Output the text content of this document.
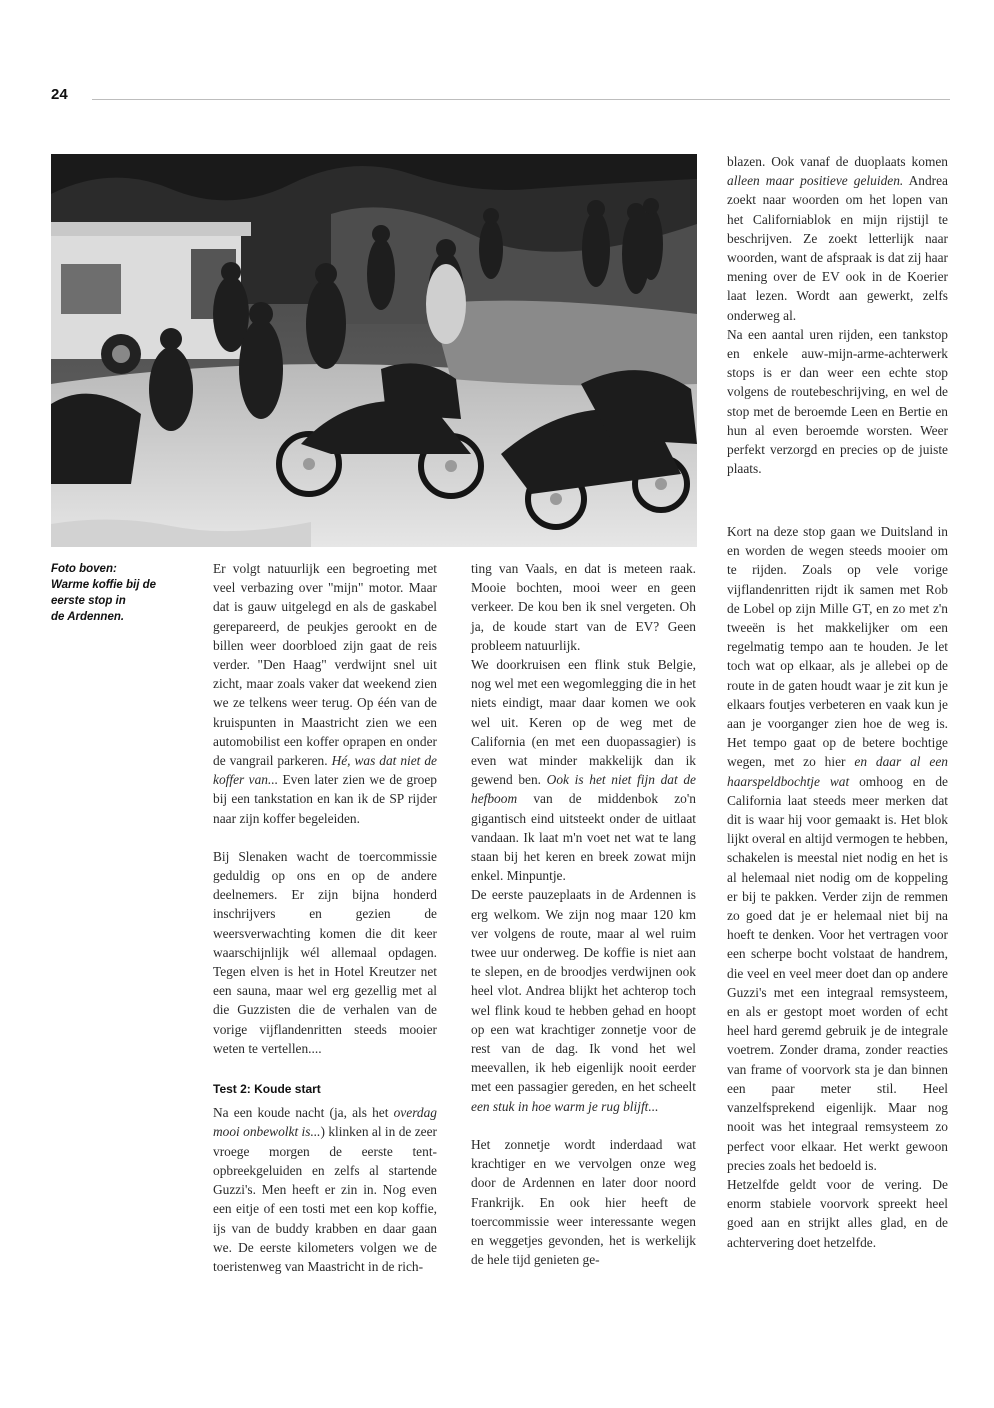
24

Foto boven:

Warme koffie bij de

eerste stop in

de Ardennen.

Er volgt natuurlijk een begroeting met veel verbazing over "mijn" motor. Maar dat is gauw uitgelegd en als de gaskabel gerepareerd, de peukjes gerookt en de billen weer doorbloed zijn gaat de reis verder. "Den Haag" verdwijnt snel uit zicht, maar zoals vaker dat weekend zien we ze telkens weer terug. Op één van de kruispunten in Maastricht zien we een automobilist een koffer oprapen en onder de vangrail parkeren. Hé, was dat niet de koffer van... Even later zien we de groep bij een tankstation en kan ik de SP rijder naar zijn koffer begeleiden.

Bij Slenaken wacht de toercommissie geduldig op ons en op de andere deelnemers. Er zijn bijna honderd inschrijvers en gezien de weersverwachting komen die dit keer waarschijnlijk wél allemaal opdagen. Tegen elven is het in Hotel Kreutzer net een sauna, maar wel erg gezellig met al die Guzzisten die de verhalen van de vorige vijflandenritten steeds mooier weten te vertellen....

Test 2: Koude start

Na een koude nacht (ja, als het overdag mooi onbewolkt is...) klinken al in de zeer vroege morgen de eerste tent-opbreekgeluiden en zelfs al startende Guzzi's. Men heeft er zin in. Nog even een eitje of een tosti met een kop koffie, ijs van de buddy krabben en daar gaan we. De eerste kilometers volgen we de toeristenweg van Maastricht in de rich-

ting van Vaals, en dat is meteen raak. Mooie bochten, mooi weer en geen verkeer. De kou ben ik snel vergeten. Oh ja, de koude start van de EV? Geen probleem natuurlijk.

We doorkruisen een flink stuk Belgie, nog wel met een wegomlegging die in het niets eindigt, maar daar komen we ook wel uit. Keren op de weg met de California (en met een duopassagier) is even wat minder makkelijk dan ik gewend ben. Ook is het niet fijn dat de hefboom van de middenbok zo'n gigantisch eind uitsteekt onder de uitlaat vandaan. Ik laat m'n voet net wat te lang staan bij het keren en breek zowat mijn enkel. Minpuntje.

De eerste pauzeplaats in de Ardennen is erg welkom. We zijn nog maar 120 km ver volgens de route, maar al wel ruim twee uur onderweg. De koffie is niet aan te slepen, en de broodjes verdwijnen ook heel vlot. Andrea blijkt het achterop toch wel flink koud te hebben gehad en hoopt op een wat krachtiger zonnetje voor de rest van de dag. Ik vond het wel meevallen, ik heb eigenlijk nooit eerder met een passagier gereden, en het scheelt een stuk in hoe warm je rug blijft...

Het zonnetje wordt inderdaad wat krachtiger en we vervolgen onze weg door de Ardennen en later door noord Frankrijk. En ook hier heeft de toercommissie weer interessante wegen en weggetjes gevonden, het is werkelijk de hele tijd genieten ge-

blazen. Ook vanaf de duoplaats komen alleen maar positieve geluiden. Andrea zoekt naar woorden om het lopen van het Californiablok en mijn rijstijl te beschrijven. Ze zoekt letterlijk naar woorden, want de afspraak is dat zij haar mening over de EV ook in de Koerier laat lezen. Wordt aan gewerkt, zelfs onderweg al.

Na een aantal uren rijden, een tankstop en enkele auw-mijn-arme-achterwerk stops is er dan weer een echte stop volgens de routebeschrijving, en wel de stop met de beroemde Leen en Bertie en hun al even beroemde worsten. Weer perfekt verzorgd en precies op de juiste plaats.

Kort na deze stop gaan we Duitsland in en worden de wegen steeds mooier om te rijden. Zoals op vele vorige vijflandenritten rijdt ik samen met Rob de Lobel op zijn Mille GT, en zo met z'n tweeën is het makkelijker om een regelmatig tempo aan te houden. Je let toch wat op elkaar, als je allebei op de route in de gaten houdt waar je zit kun je elkaars foutjes verbeteren en vaak kun je aan je voorganger zien hoe de weg is. Het tempo gaat op de betere bochtige wegen, met zo hier en daar al een haarspeldbochtje wat omhoog en de California laat steeds meer merken dat dit is waar hij voor gemaakt is. Het blok lijkt overal en altijd vermogen te hebben, schakelen is meestal niet nodig en het is al helemaal niet nodig om de koppeling er bij te pakken. Verder zijn de remmen zo goed dat je er helemaal niet bij na hoeft te denken. Voor het vertragen voor een scherpe bocht volstaat de handrem, die veel en veel meer doet dan op andere Guzzi's met een integraal remsysteem, en als er gestopt moet worden of echt heel hard geremd gebruik je de integrale voetrem. Zonder drama, zonder reacties van frame of voorvork sta je dan binnen een paar meter stil. Heel vanzelfsprekend eigenlijk. Maar nog nooit was het integraal remsysteem zo perfect voor elkaar. Het werkt gewoon precies zoals het bedoeld is.

Hetzelfde geldt voor de vering. De enorm stabiele voorvork spreekt heel goed aan en strijkt alles glad, en de achtervering doet hetzelfde.
